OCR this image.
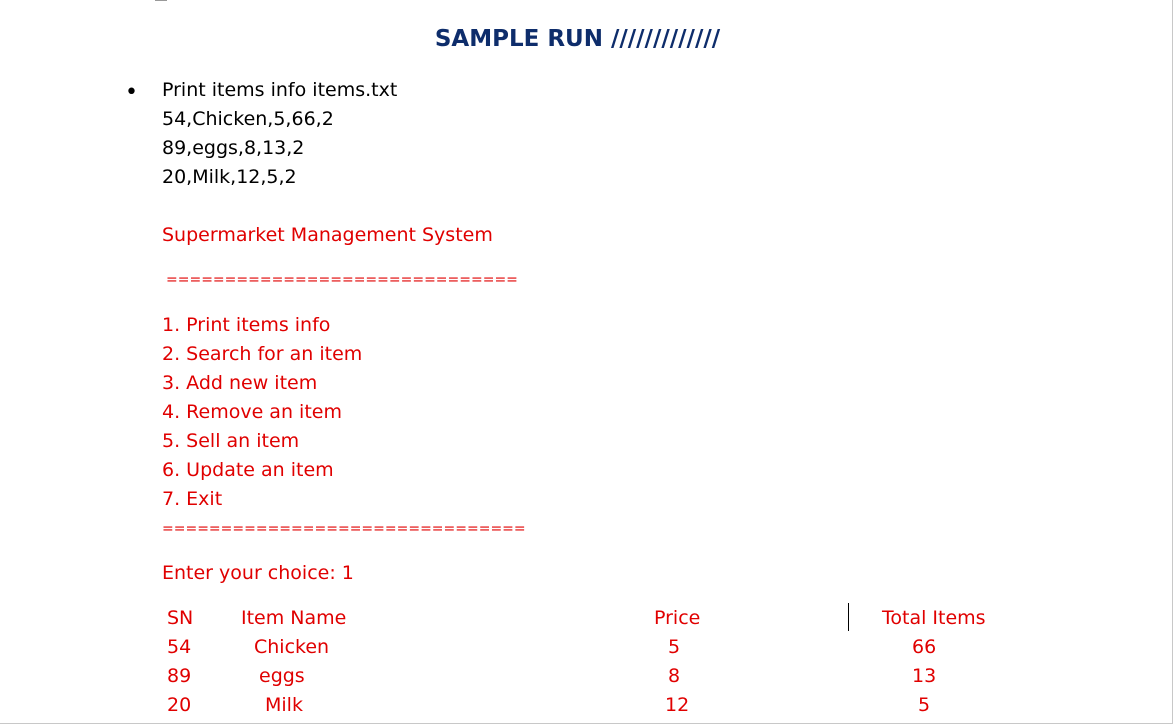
SAMPLE RUN /////////////
• Print items info items.txt
54,Chicken,5,66,2
89,eggs,8,13,2
20,Milk,12,5,2
Supermarket Management System
==============================
1. Print items info
2. Search for an item
3. Add new item
4. Remove an item
5. Sell an item
6. Update an item
7. Exit
===============================
Enter your choice: 1
SN	Item Name	Price	Total Items
54	Chicken	5	66
89	eggs	8	13
20	Milk	12	5
